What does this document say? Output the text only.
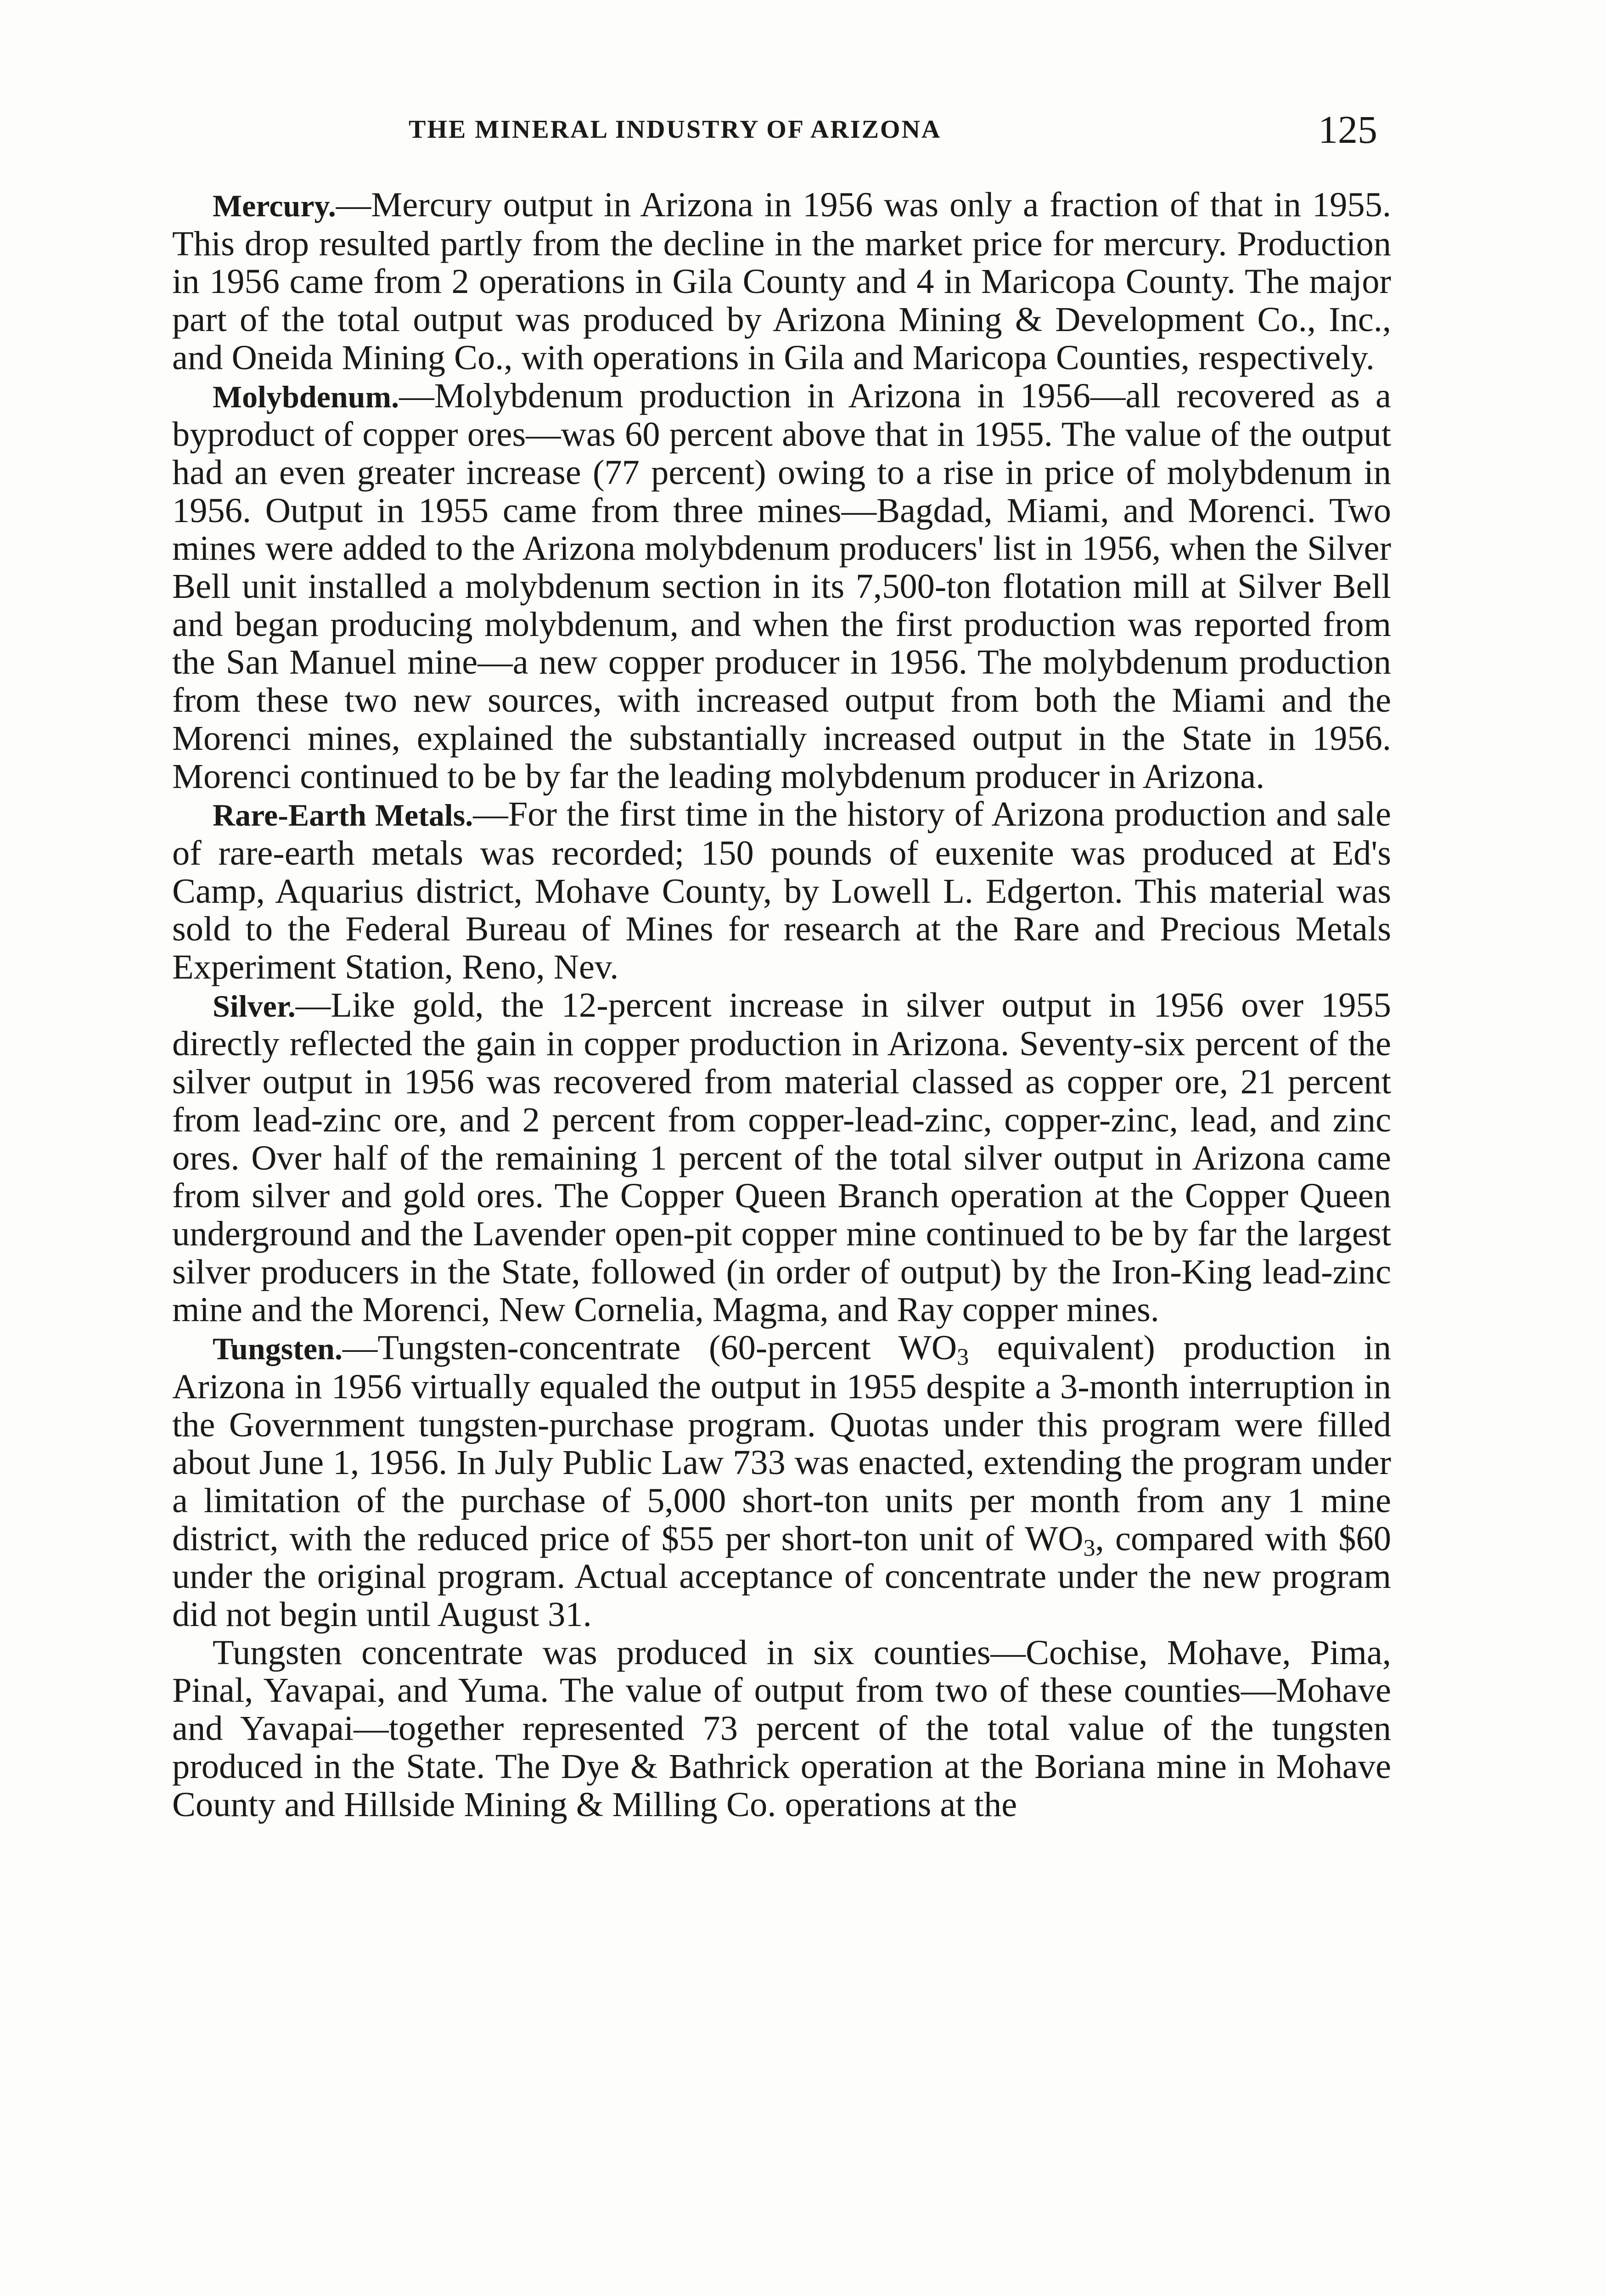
THE MINERAL INDUSTRY OF ARIZONA	125

Mercury.—Mercury output in Arizona in 1956 was only a fraction of that in 1955. This drop resulted partly from the decline in the market price for mercury. Production in 1956 came from 2 operations in Gila County and 4 in Maricopa County. The major part of the total output was produced by Arizona Mining & Development Co., Inc., and Oneida Mining Co., with operations in Gila and Maricopa Counties, respectively.

Molybdenum.—Molybdenum production in Arizona in 1956—all recovered as a byproduct of copper ores—was 60 percent above that in 1955. The value of the output had an even greater increase (77 percent) owing to a rise in price of molybdenum in 1956. Output in 1955 came from three mines—Bagdad, Miami, and Morenci. Two mines were added to the Arizona molybdenum producers' list in 1956, when the Silver Bell unit installed a molybdenum section in its 7,500-ton flotation mill at Silver Bell and began producing molybdenum, and when the first production was reported from the San Manuel mine—a new copper producer in 1956. The molybdenum production from these two new sources, with increased output from both the Miami and the Morenci mines, explained the substantially increased output in the State in 1956. Morenci continued to be by far the leading molybdenum producer in Arizona.

Rare-Earth Metals.—For the first time in the history of Arizona production and sale of rare-earth metals was recorded; 150 pounds of euxenite was produced at Ed's Camp, Aquarius district, Mohave County, by Lowell L. Edgerton. This material was sold to the Federal Bureau of Mines for research at the Rare and Precious Metals Experiment Station, Reno, Nev.

Silver.—Like gold, the 12-percent increase in silver output in 1956 over 1955 directly reflected the gain in copper production in Arizona. Seventy-six percent of the silver output in 1956 was recovered from material classed as copper ore, 21 percent from lead-zinc ore, and 2 percent from copper-lead-zinc, copper-zinc, lead, and zinc ores. Over half of the remaining 1 percent of the total silver output in Arizona came from silver and gold ores. The Copper Queen Branch operation at the Copper Queen underground and the Lavender open-pit copper mine continued to be by far the largest silver producers in the State, followed (in order of output) by the Iron-King lead-zinc mine and the Morenci, New Cornelia, Magma, and Ray copper mines.

Tungsten.—Tungsten-concentrate (60-percent $WO_3$ equivalent) production in Arizona in 1956 virtually equaled the output in 1955 despite a 3-month interruption in the Government tungsten-purchase program. Quotas under this program were filled about June 1, 1956. In July Public Law 733 was enacted, extending the program under a limitation of the purchase of 5,000 short-ton units per month from any 1 mine district, with the reduced price of $55 per short-ton unit of $WO_3$, compared with $60 under the original program. Actual acceptance of concentrate under the new program did not begin until August 31.

Tungsten concentrate was produced in six counties—Cochise, Mohave, Pima, Pinal, Yavapai, and Yuma. The value of output from two of these counties—Mohave and Yavapai—together represented 73 percent of the total value of the tungsten produced in the State. The Dye & Bathrick operation at the Boriana mine in Mohave County and Hillside Mining & Milling Co. operations at the
